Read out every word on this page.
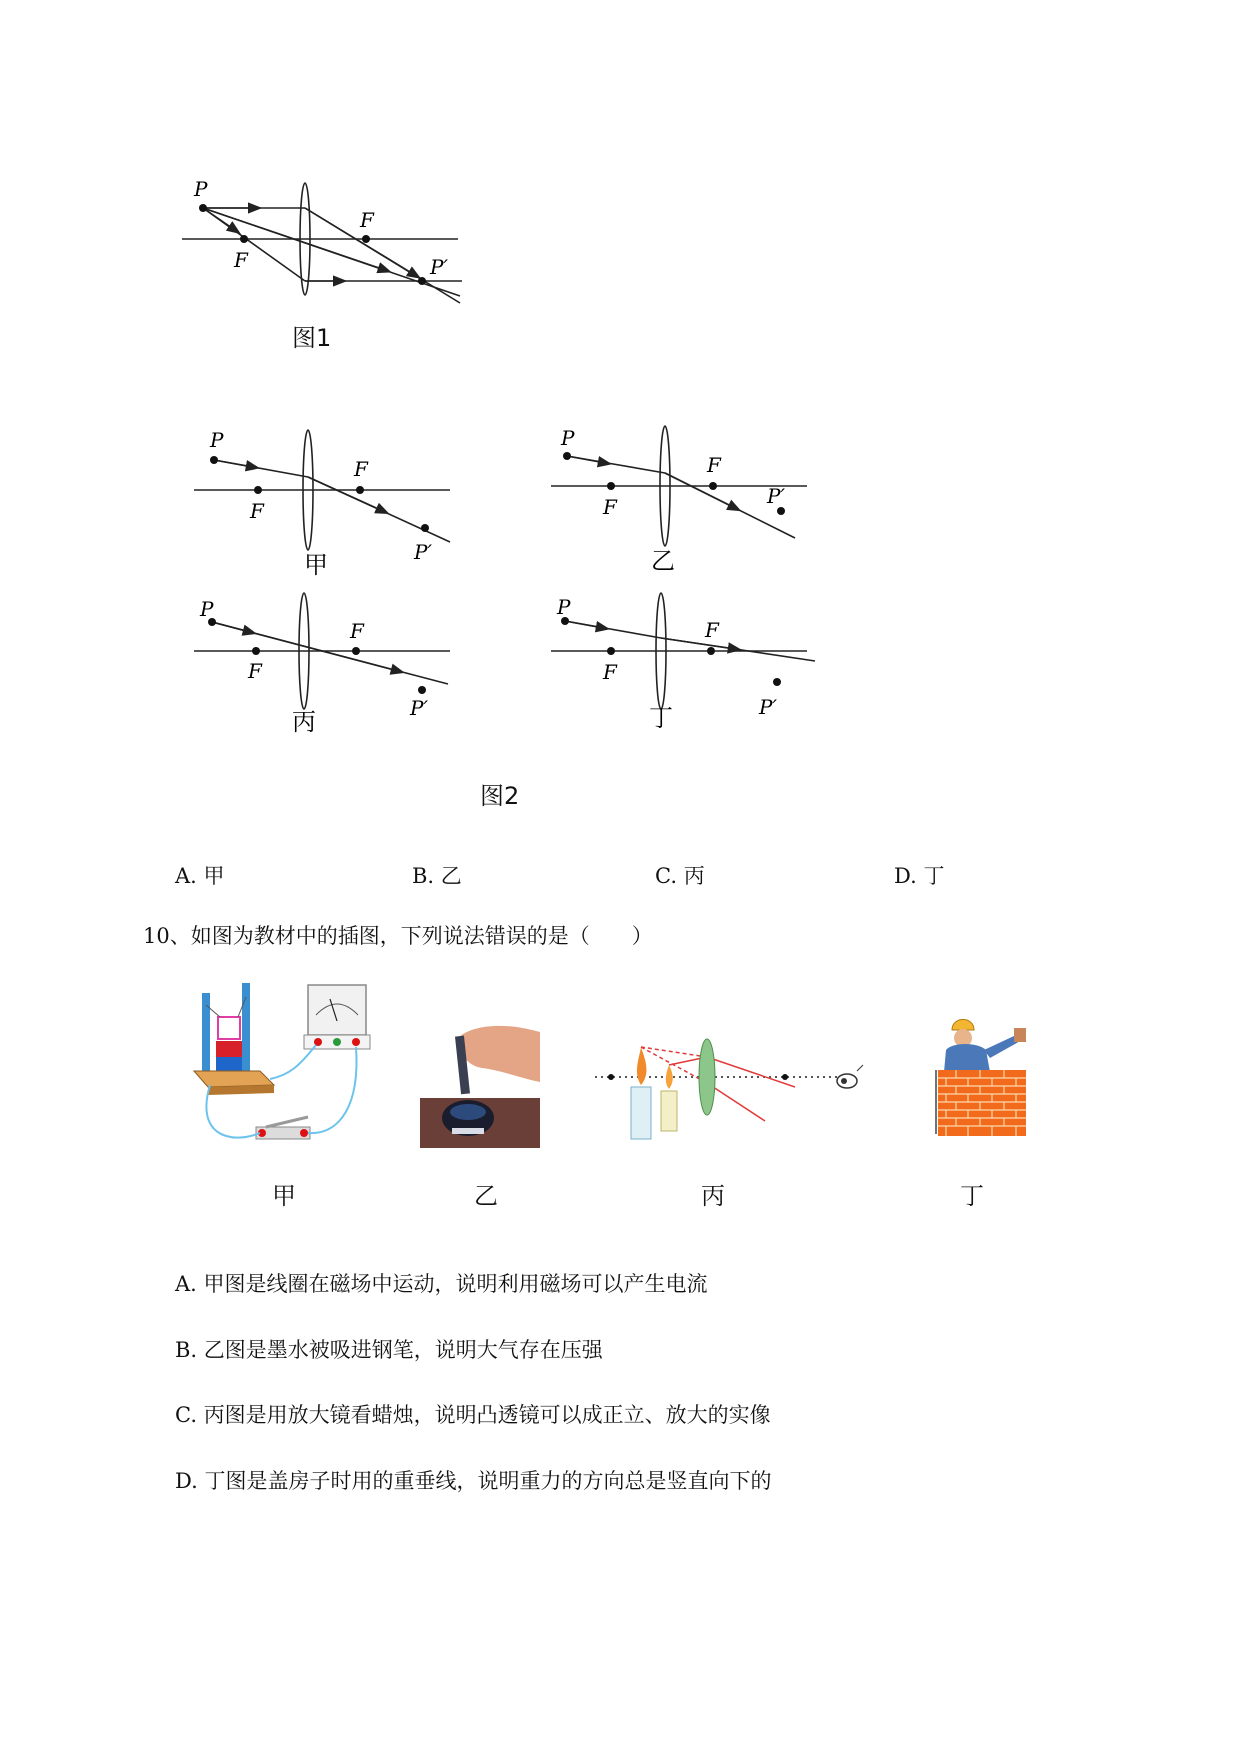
P
F
F
P′
图1
P
F
F
P′
甲
P
F
F
P′
乙
P
F
F
P′
丙
P
F
F
P′
丁
图2
A. 甲	B. 乙	C. 丙	D. 丁
10、如图为教材中的插图，下列说法错误的是（　　）
甲	乙	丙	丁
A. 甲图是线圈在磁场中运动，说明利用磁场可以产生电流
B. 乙图是墨水被吸进钢笔，说明大气存在压强
C. 丙图是用放大镜看蜡烛，说明凸透镜可以成正立、放大的实像
D. 丁图是盖房子时用的重垂线，说明重力的方向总是竖直向下的
